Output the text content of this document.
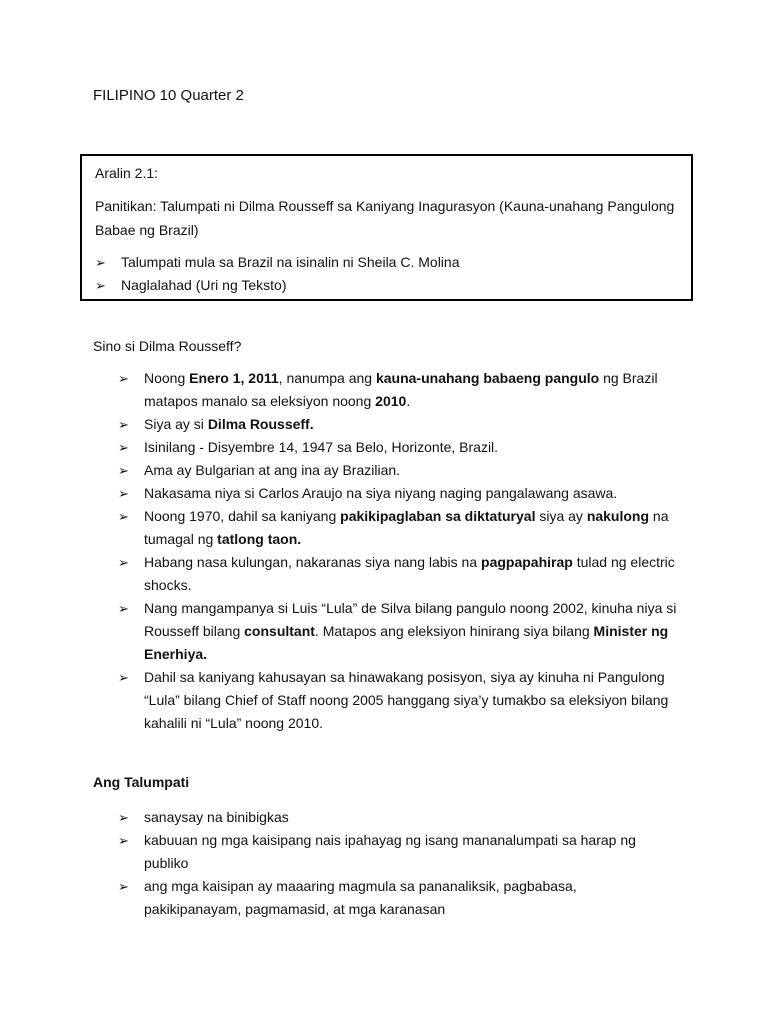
FILIPINO 10 Quarter 2

Aralin 2.1:

Panitikan: Talumpati ni Dilma Rousseff sa Kaniyang Inagurasyon (Kauna-unahang Pangulong Babae ng Brazil)

➢ Talumpati mula sa Brazil na isinalin ni Sheila C. Molina
➢ Naglalahad (Uri ng Teksto)

Sino si Dilma Rousseff?

➢ Noong Enero 1, 2011, nanumpa ang kauna-unahang babaeng pangulo ng Brazil matapos manalo sa eleksiyon noong 2010.
➢ Siya ay si Dilma Rousseff.
➢ Isinilang - Disyembre 14, 1947 sa Belo, Horizonte, Brazil.
➢ Ama ay Bulgarian at ang ina ay Brazilian.
➢ Nakasama niya si Carlos Araujo na siya niyang naging pangalawang asawa.
➢ Noong 1970, dahil sa kaniyang pakikipaglaban sa diktaturyal siya ay nakulong na tumagal ng tatlong taon.
➢ Habang nasa kulungan, nakaranas siya nang labis na pagpapahirap tulad ng electric shocks.
➢ Nang mangampanya si Luis “Lula” de Silva bilang pangulo noong 2002, kinuha niya si Rousseff bilang consultant. Matapos ang eleksiyon hinirang siya bilang Minister ng Enerhiya.
➢ Dahil sa kaniyang kahusayan sa hinawakang posisyon, siya ay kinuha ni Pangulong “Lula” bilang Chief of Staff noong 2005 hanggang siya’y tumakbo sa eleksiyon bilang kahalili ni “Lula” noong 2010.

Ang Talumpati

➢ sanaysay na binibigkas
➢ kabuuan ng mga kaisipang nais ipahayag ng isang mananalumpati sa harap ng publiko
➢ ang mga kaisipan ay maaaring magmula sa pananaliksik, pagbabasa, pakikipanayam, pagmamasid, at mga karanasan
